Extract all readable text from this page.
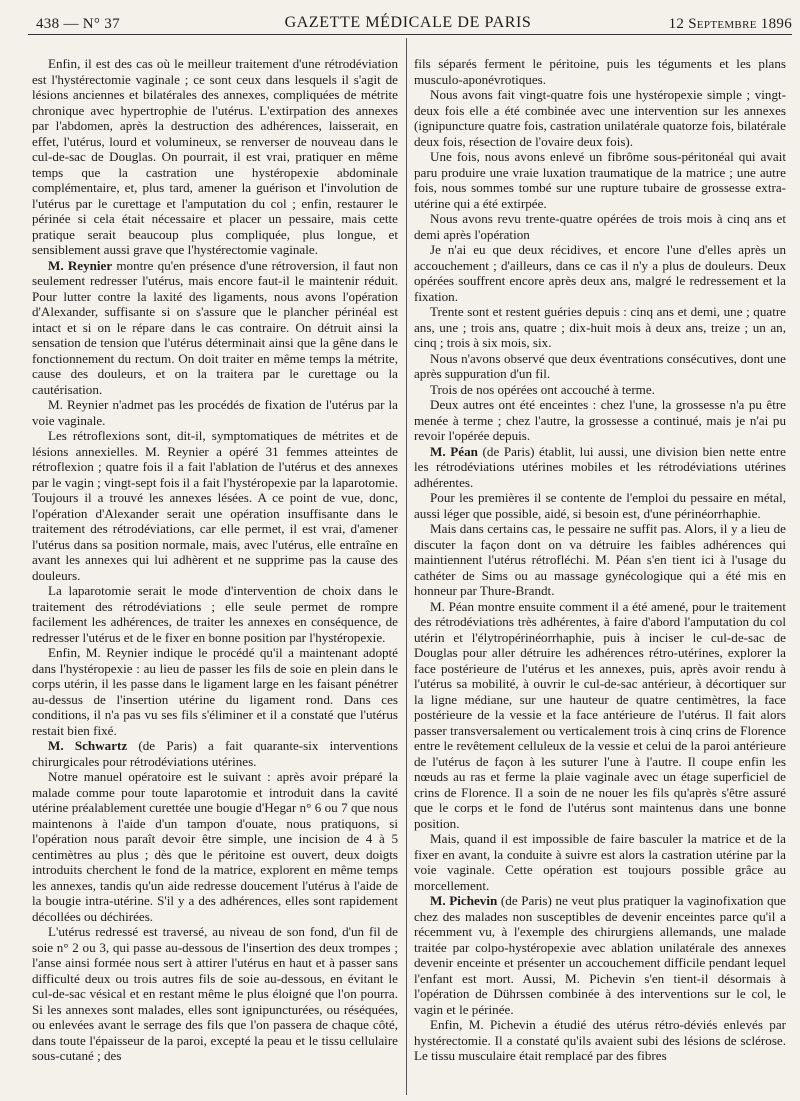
438 — N° 37	GAZETTE MÉDICALE DE PARIS	12 Septembre 1896

Enfin, il est des cas où le meilleur traitement d'une rétrodéviation est l'hystérectomie vaginale ; ce sont ceux dans lesquels il s'agit de lésions anciennes et bilatérales des annexes, compliquées de métrite chronique avec hypertrophie de l'utérus. L'extirpation des annexes par l'abdomen, après la destruction des adhérences, laisserait, en effet, l'utérus, lourd et volumineux, se renverser de nouveau dans le cul-de-sac de Douglas. On pourrait, il est vrai, pratiquer en même temps que la castration une hystéropexie abdominale complémentaire, et, plus tard, amener la guérison et l'involution de l'utérus par le curettage et l'amputation du col ; enfin, restaurer le périnée si cela était nécessaire et placer un pessaire, mais cette pratique serait beaucoup plus compliquée, plus longue, et sensiblement aussi grave que l'hystérectomie vaginale.

M. Reynier montre qu'en présence d'une rétroversion, il faut non seulement redresser l'utérus, mais encore faut-il le maintenir réduit. Pour lutter contre la laxité des ligaments, nous avons l'opération d'Alexander, suffisante si on s'assure que le plancher périnéal est intact et si on le répare dans le cas contraire. On détruit ainsi la sensation de tension que l'utérus déterminait ainsi que la gêne dans le fonctionnement du rectum. On doit traiter en même temps la métrite, cause des douleurs, et on la traitera par le curettage ou la cautérisation.

M. Reynier n'admet pas les procédés de fixation de l'utérus par la voie vaginale.

Les rétroflexions sont, dit-il, symptomatiques de métrites et de lésions annexielles. M. Reynier a opéré 31 femmes atteintes de rétroflexion ; quatre fois il a fait l'ablation de l'utérus et des annexes par le vagin ; vingt-sept fois il a fait l'hystéropexie par la laparotomie. Toujours il a trouvé les annexes lésées. A ce point de vue, donc, l'opération d'Alexander serait une opération insuffisante dans le traitement des rétrodéviations, car elle permet, il est vrai, d'amener l'utérus dans sa position normale, mais, avec l'utérus, elle entraîne en avant les annexes qui lui adhèrent et ne supprime pas la cause des douleurs.

La laparotomie serait le mode d'intervention de choix dans le traitement des rétrodéviations ; elle seule permet de rompre facilement les adhérences, de traiter les annexes en conséquence, de redresser l'utérus et de le fixer en bonne position par l'hystéropexie.

Enfin, M. Reynier indique le procédé qu'il a maintenant adopté dans l'hystéropexie : au lieu de passer les fils de soie en plein dans le corps utérin, il les passe dans le ligament large en les faisant pénétrer au-dessus de l'insertion utérine du ligament rond. Dans ces conditions, il n'a pas vu ses fils s'éliminer et il a constaté que l'utérus restait bien fixé.

M. Schwartz (de Paris) a fait quarante-six interventions chirurgicales pour rétrodéviations utérines.

Notre manuel opératoire est le suivant : après avoir préparé la malade comme pour toute laparotomie et introduit dans la cavité utérine préalablement curettée une bougie d'Hegar n° 6 ou 7 que nous maintenons à l'aide d'un tampon d'ouate, nous pratiquons, si l'opération nous paraît devoir être simple, une incision de 4 à 5 centimètres au plus ; dès que le péritoine est ouvert, deux doigts introduits cherchent le fond de la matrice, explorent en même temps les annexes, tandis qu'un aide redresse doucement l'utérus à l'aide de la bougie intra-utérine. S'il y a des adhérences, elles sont rapidement décollées ou déchirées.

L'utérus redressé est traversé, au niveau de son fond, d'un fil de soie n° 2 ou 3, qui passe au-dessous de l'insertion des deux trompes ; l'anse ainsi formée nous sert à attirer l'utérus en haut et à passer sans difficulté deux ou trois autres fils de soie au-dessous, en évitant le cul-de-sac vésical et en restant même le plus éloigné que l'on pourra. Si les annexes sont malades, elles sont ignipuncturées, ou réséquées, ou enlevées avant le serrage des fils que l'on passera de chaque côté, dans toute l'épaisseur de la paroi, excepté la peau et le tissu cellulaire sous-cutané ; des

fils séparés ferment le péritoine, puis les téguments et les plans musculo-aponévrotiques.

Nous avons fait vingt-quatre fois une hystéropexie simple ; vingt-deux fois elle a été combinée avec une intervention sur les annexes (ignipuncture quatre fois, castration unilatérale quatorze fois, bilatérale deux fois, résection de l'ovaire deux fois).

Une fois, nous avons enlevé un fibrôme sous-péritonéal qui avait paru produire une vraie luxation traumatique de la matrice ; une autre fois, nous sommes tombé sur une rupture tubaire de grossesse extra-utérine qui a été extirpée.

Nous avons revu trente-quatre opérées de trois mois à cinq ans et demi après l'opération

Je n'ai eu que deux récidives, et encore l'une d'elles après un accouchement ; d'ailleurs, dans ce cas il n'y a plus de douleurs. Deux opérées souffrent encore après deux ans, malgré le redressement et la fixation.

Trente sont et restent guéries depuis : cinq ans et demi, une ; quatre ans, une ; trois ans, quatre ; dix-huit mois à deux ans, treize ; un an, cinq ; trois à six mois, six.

Nous n'avons observé que deux éventrations consécutives, dont une après suppuration d'un fil.

Trois de nos opérées ont accouché à terme.

Deux autres ont été enceintes : chez l'une, la grossesse n'a pu être menée à terme ; chez l'autre, la grossesse a continué, mais je n'ai pu revoir l'opérée depuis.

M. Péan (de Paris) établit, lui aussi, une division bien nette entre les rétrodéviations utérines mobiles et les rétrodéviations utérines adhérentes.

Pour les premières il se contente de l'emploi du pessaire en métal, aussi léger que possible, aidé, si besoin est, d'une périnéorrhaphie.

Mais dans certains cas, le pessaire ne suffit pas. Alors, il y a lieu de discuter la façon dont on va détruire les faibles adhérences qui maintiennent l'utérus rétrofléchi. M. Péan s'en tient ici à l'usage du cathéter de Sims ou au massage gynécologique qui a été mis en honneur par Thure-Brandt.

M. Péan montre ensuite comment il a été amené, pour le traitement des rétrodéviations très adhérentes, à faire d'abord l'amputation du col utérin et l'élytropérinéorrhaphie, puis à inciser le cul-de-sac de Douglas pour aller détruire les adhérences rétro-utérines, explorer la face postérieure de l'utérus et les annexes, puis, après avoir rendu à l'utérus sa mobilité, à ouvrir le cul-de-sac antérieur, à décortiquer sur la ligne médiane, sur une hauteur de quatre centimètres, la face postérieure de la vessie et la face antérieure de l'utérus. Il fait alors passer transversalement ou verticalement trois à cinq crins de Florence entre le revêtement celluleux de la vessie et celui de la paroi antérieure de l'utérus de façon à les suturer l'une à l'autre. Il coupe enfin les nœuds au ras et ferme la plaie vaginale avec un étage superficiel de crins de Florence. Il a soin de ne nouer les fils qu'après s'être assuré que le corps et le fond de l'utérus sont maintenus dans une bonne position.

Mais, quand il est impossible de faire basculer la matrice et de la fixer en avant, la conduite à suivre est alors la castration utérine par la voie vaginale. Cette opération est toujours possible grâce au morcellement.

M. Pichevin (de Paris) ne veut plus pratiquer la vaginofixation que chez des malades non susceptibles de devenir enceintes parce qu'il a récemment vu, à l'exemple des chirurgiens allemands, une malade traitée par colpo-hystéropexie avec ablation unilatérale des annexes devenir enceinte et présenter un accouchement difficile pendant lequel l'enfant est mort. Aussi, M. Pichevin s'en tient-il désormais à l'opération de Dührssen combinée à des interventions sur le col, le vagin et le périnée.

Enfin, M. Pichevin a étudié des utérus rétro-déviés enlevés par hystérectomie. Il a constaté qu'ils avaient subi des lésions de sclérose. Le tissu musculaire était remplacé par des fibres
